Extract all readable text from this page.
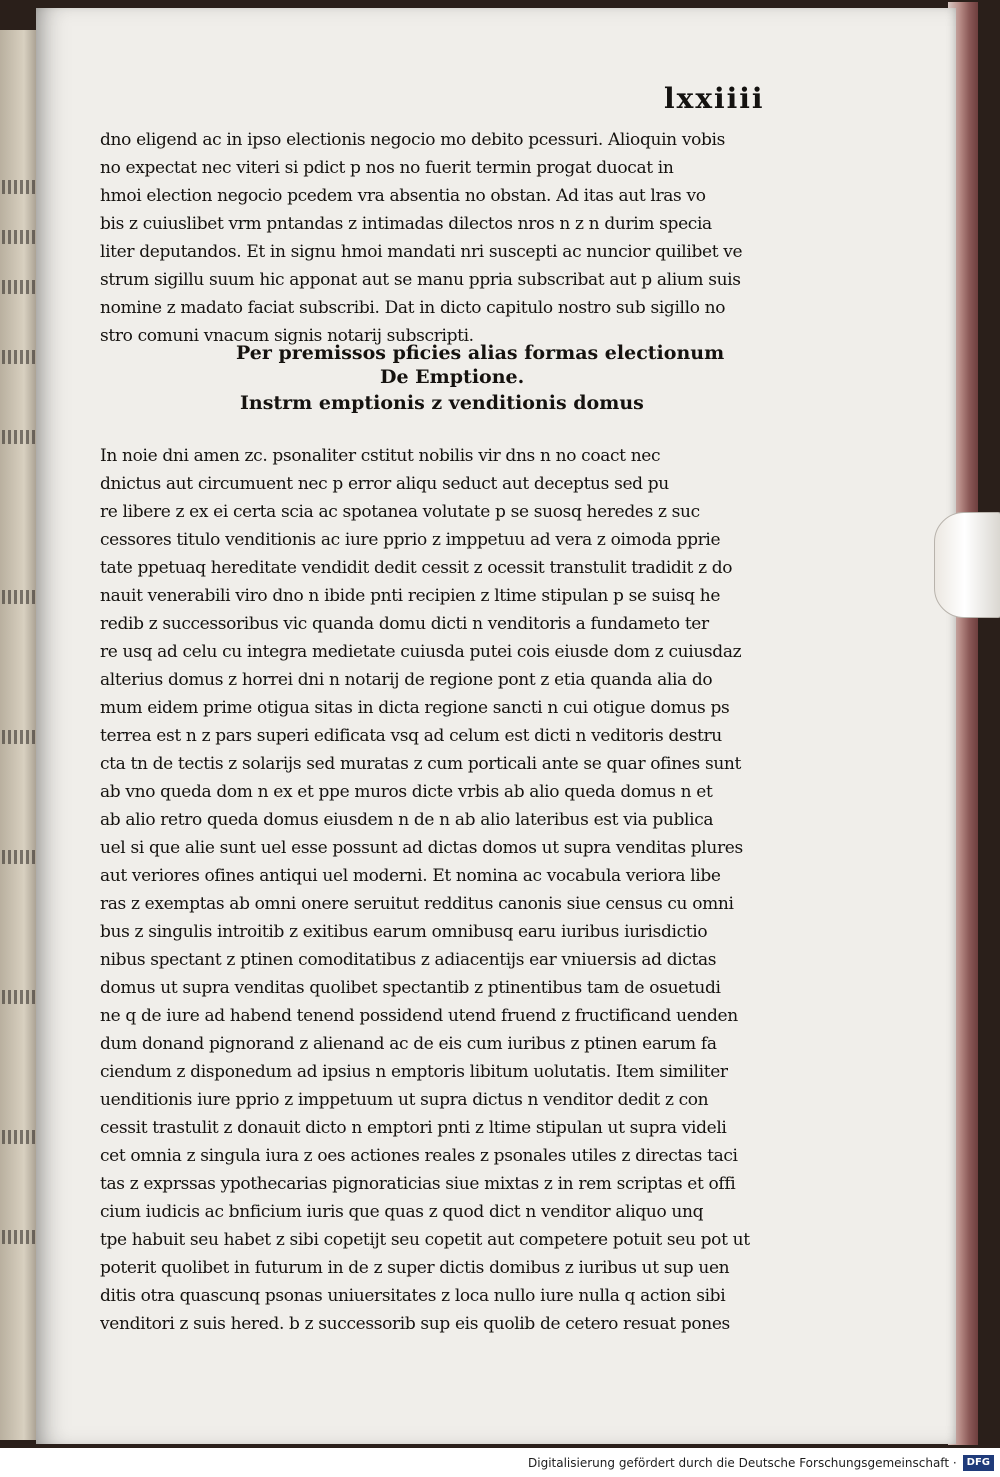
lxxiiii
dno eligend ac in ipso electionis negocio mo debito pcessuri. Alioquin vobis
no expectat nec viteri si pdict p nos no fuerit termin progat duocat in
hmoi election negocio pcedem vra absentia no obstan. Ad itas aut lras vo
bis z cuiuslibet vrm pntandas z intimadas dilectos nros n z n durim specia
liter deputandos. Et in signu hmoi mandati nri suscepti ac nuncior quilibet ve
strum sigillu suum hic apponat aut se manu ppria subscribat aut p alium suis
nomine z madato faciat subscribi. Dat in dicto capitulo nostro sub sigillo no
stro comuni vnacum signis notarij subscripti.
Per premissos pficies alias formas electionum
De Emptione.
Instrm emptionis z venditionis domus
In noie dni amen zc. psonaliter cstitut nobilis vir dns n no coact nec
dnictus aut circumuent nec p error aliqu seduct aut deceptus sed pu
re libere z ex ei certa scia ac spotanea volutate p se suosq heredes z suc
cessores titulo venditionis ac iure pprio z imppetuu ad vera z oimoda pprie
tate ppetuaq hereditate vendidit dedit cessit z ocessit transtulit tradidit z do
nauit venerabili viro dno n ibide pnti recipien z ltime stipulan p se suisq he
redib z successoribus vic quanda domu dicti n venditoris a fundameto ter
re usq ad celu cu integra medietate cuiusda putei cois eiusde dom z cuiusdaz
alterius domus z horrei dni n notarij de regione pont z etia quanda alia do
mum eidem prime otigua sitas in dicta regione sancti n cui otigue domus ps
terrea est n z pars superi edificata vsq ad celum est dicti n veditoris destru
cta tn de tectis z solarijs sed muratas z cum porticali ante se quar ofines sunt
ab vno queda dom n ex et ppe muros dicte vrbis ab alio queda domus n et
ab alio retro queda domus eiusdem n de n ab alio lateribus est via publica
uel si que alie sunt uel esse possunt ad dictas domos ut supra venditas plures
aut veriores ofines antiqui uel moderni. Et nomina ac vocabula veriora libe
ras z exemptas ab omni onere seruitut redditus canonis siue census cu omni
bus z singulis introitib z exitibus earum omnibusq earu iuribus iurisdictio
nibus spectant z ptinen comoditatibus z adiacentijs ear vniuersis ad dictas
domus ut supra venditas quolibet spectantib z ptinentibus tam de osuetudi
ne q de iure ad habend tenend possidend utend fruend z fructificand uenden
dum donand pignorand z alienand ac de eis cum iuribus z ptinen earum fa
ciendum z disponedum ad ipsius n emptoris libitum uolutatis. Item similiter
uenditionis iure pprio z imppetuum ut supra dictus n venditor dedit z con
cessit trastulit z donauit dicto n emptori pnti z ltime stipulan ut supra videli
cet omnia z singula iura z oes actiones reales z psonales utiles z directas taci
tas z exprssas ypothecarias pignoraticias siue mixtas z in rem scriptas et offi
cium iudicis ac bnficium iuris que quas z quod dict n venditor aliquo unq
tpe habuit seu habet z sibi copetijt seu copetit aut competere potuit seu pot ut
poterit quolibet in futurum in de z super dictis domibus z iuribus ut sup uen
ditis otra quascunq psonas uniuersitates z loca nullo iure nulla q action sibi
venditori z suis hered. b z successorib sup eis quolib de cetero resuat pones
Digitalisierung gefördert durch die Deutsche Forschungsgemeinschaft ·	DFG
